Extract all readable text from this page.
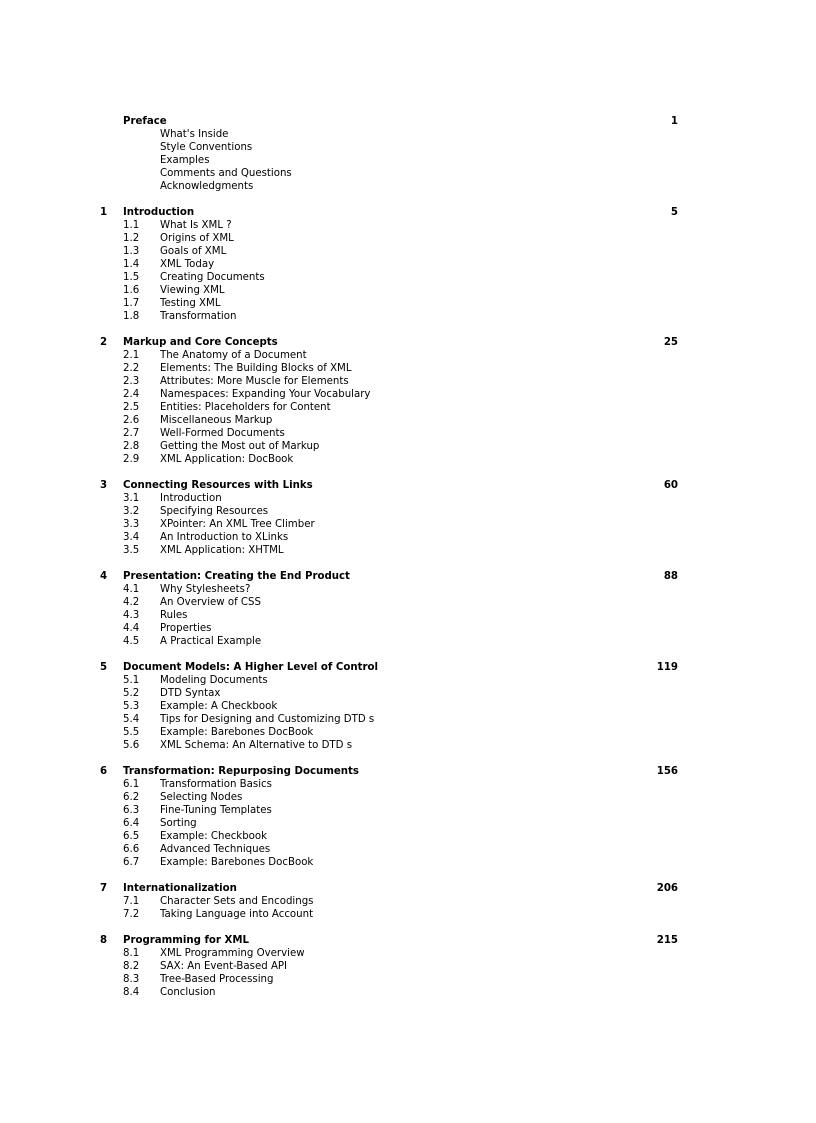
Preface	1
What's Inside
Style Conventions
Examples
Comments and Questions
Acknowledgments
1 Introduction	5
1.1 What Is XML ?
1.2 Origins of XML
1.3 Goals of XML
1.4 XML Today
1.5 Creating Documents
1.6 Viewing XML
1.7 Testing XML
1.8 Transformation
2 Markup and Core Concepts	25
2.1 The Anatomy of a Document
2.2 Elements: The Building Blocks of XML
2.3 Attributes: More Muscle for Elements
2.4 Namespaces: Expanding Your Vocabulary
2.5 Entities: Placeholders for Content
2.6 Miscellaneous Markup
2.7 Well-Formed Documents
2.8 Getting the Most out of Markup
2.9 XML Application: DocBook
3 Connecting Resources with Links	60
3.1 Introduction
3.2 Specifying Resources
3.3 XPointer: An XML Tree Climber
3.4 An Introduction to XLinks
3.5 XML Application: XHTML
4 Presentation: Creating the End Product	88
4.1 Why Stylesheets?
4.2 An Overview of CSS
4.3 Rules
4.4 Properties
4.5 A Practical Example
5 Document Models: A Higher Level of Control	119
5.1 Modeling Documents
5.2 DTD Syntax
5.3 Example: A Checkbook
5.4 Tips for Designing and Customizing DTD s
5.5 Example: Barebones DocBook
5.6 XML Schema: An Alternative to DTD s
6 Transformation: Repurposing Documents	156
6.1 Transformation Basics
6.2 Selecting Nodes
6.3 Fine-Tuning Templates
6.4 Sorting
6.5 Example: Checkbook
6.6 Advanced Techniques
6.7 Example: Barebones DocBook
7 Internationalization	206
7.1 Character Sets and Encodings
7.2 Taking Language into Account
8 Programming for XML	215
8.1 XML Programming Overview
8.2 SAX: An Event-Based API
8.3 Tree-Based Processing
8.4 Conclusion
